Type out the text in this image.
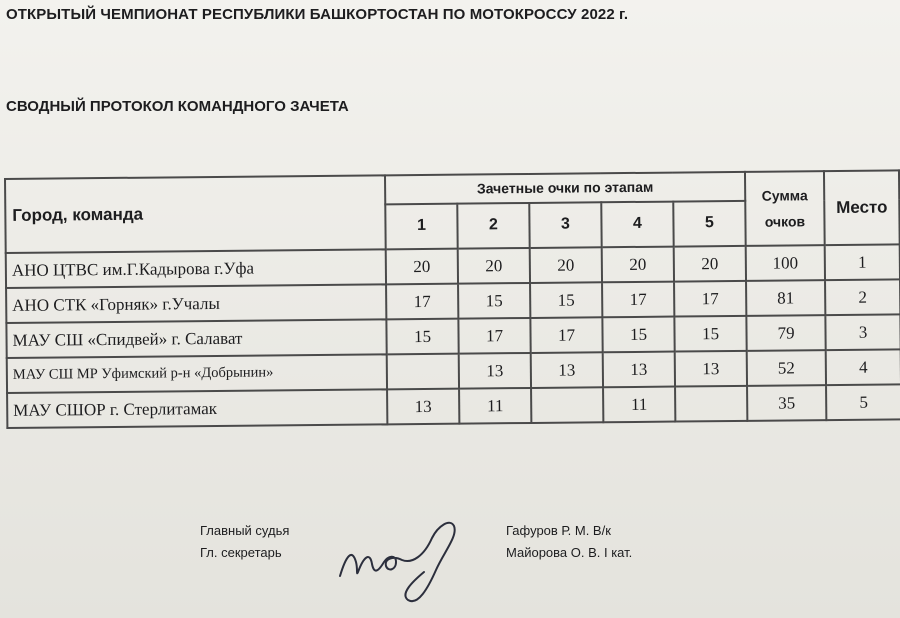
ОТКРЫТЫЙ ЧЕМПИОНАТ РЕСПУБЛИКИ БАШКОРТОСТАН ПО МОТОКРОССУ 2022 г.
СВОДНЫЙ ПРОТОКОЛ КОМАНДНОГО ЗАЧЕТА
Город, команда	Зачетные очки по этапам					Сумма
очков	Место
	1	2	3	4	5		
АНО ЦТВС им.Г.Кадырова г.Уфа	20	20	20	20	20	100	1
АНО СТК «Горняк» г.Учалы	17	15	15	17	17	81	2
МАУ СШ «Спидвей» г. Салават	15	17	17	15	15	79	3
МАУ СШ МР Уфимский р-н «Добрынин»		13	13	13	13	52	4
МАУ СШОР г. Стерлитамак	13	11		11		35	5
Главный судья
Гл. секретарь
Гафуров Р. М. В/к
Майорова О. В. I кат.
